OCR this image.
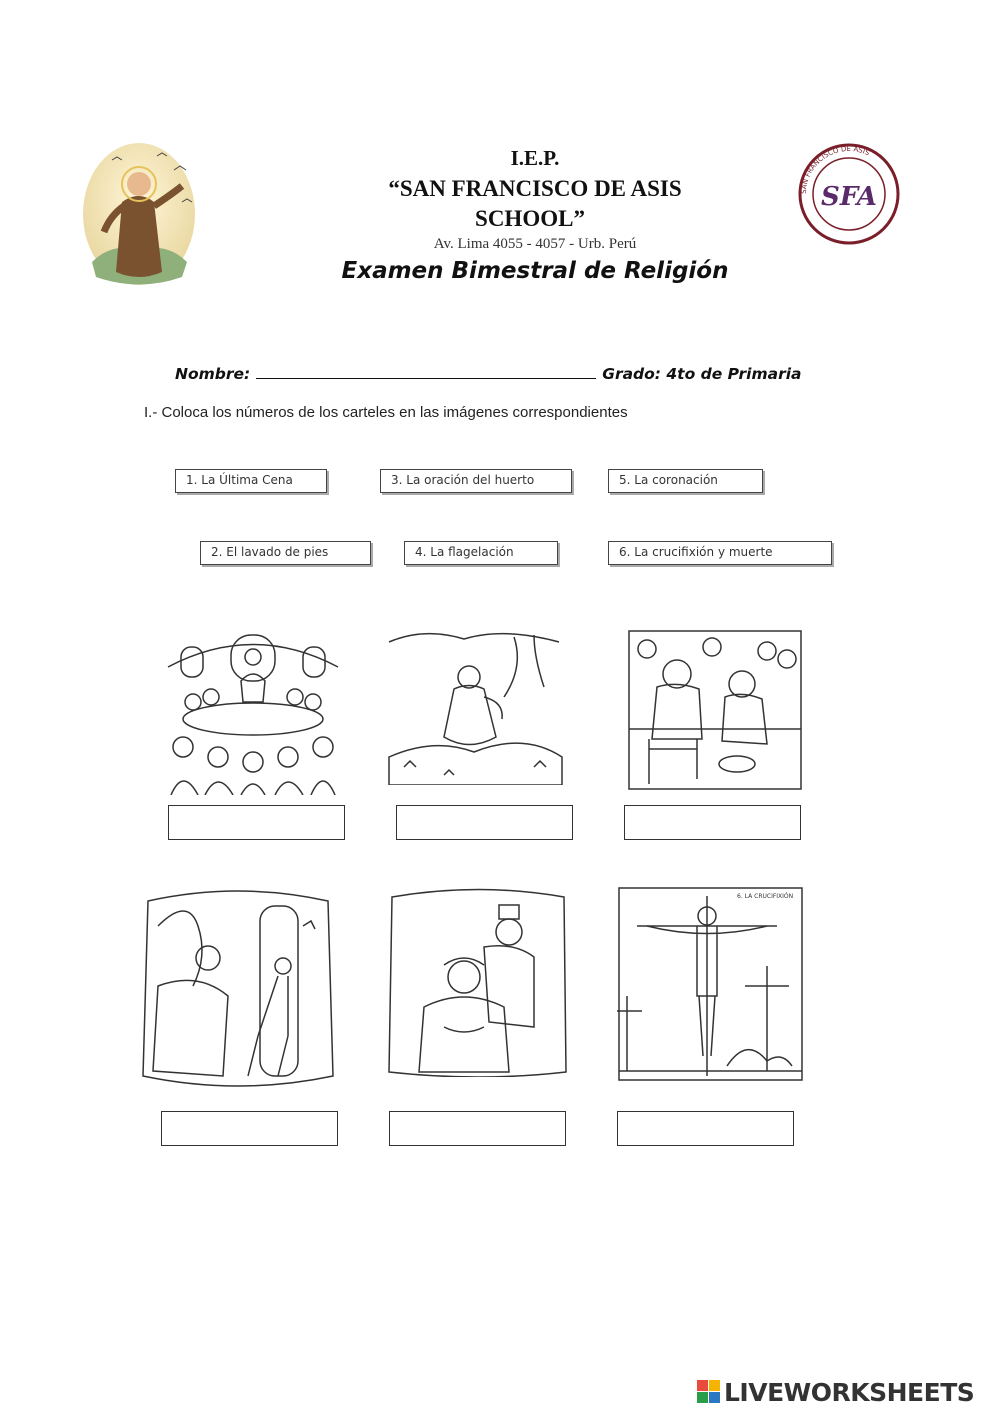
I.E.P.
“SAN FRANCISCO DE ASIS
SCHOOL”
Av. Lima 4055 - 4057 - Urb. Perú
Examen Bimestral de Religión
SAN FRANCISCO DE ASIS
SFA
Nombre:	Grado: 4to de Primaria
I.- Coloca los números de los carteles en las imágenes correspondientes
1. La Última Cena	3. La oración del huerto	5. La coronación
2. El lavado de pies	4. La flagelación	6. La crucifixión y muerte
6. LA CRUCIFIXIÓN
LIVEWORKSHEETS
